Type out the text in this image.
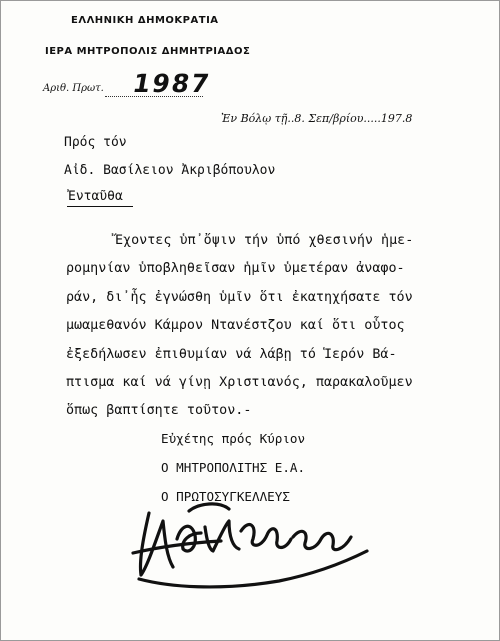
ΕΛΛΗΝΙΚΗ ΔΗΜΟΚΡΑΤΙΑ
ΙΕΡΑ ΜΗΤΡΟΠΟΛΙΣ ΔΗΜΗΤΡΙΑΔΟΣ
Αριθ. Πρωτ. 1987
Ἐν Βόλῳ τῇ..8. Σεπ/βρίου.....197.8
Πρός τόν
Αἰδ. Βασίλειον Ἀκριβόπουλον
Ἐνταῦθα
Ἔχοντες ὑπ᾽ὄψιν τήν ὑπό χθεσινήν ἡμε-
ρομηνίαν ὑποβληθεῖσαν ἡμῖν ὑμετέραν ἀναφο-
ράν, δι᾽ἧς ἐγνώσθη ὑμῖν ὅτι ἐκατηχήσατε τόν
μωαμεθανόν Κάμρον Ντανέστζου καί ὅτι οὗτος
ἐξεδήλωσεν ἐπιθυμίαν νά λάβῃ τό Ἱερόν Βά-
πτισμα καί νά γίνῃ Χριστιανός, παρακαλοῦμεν
ὅπως βαπτίσητε τοῦτον.-
Εὐχέτης πρός Κύριον
Ο ΜΗΤΡΟΠΟΛΙΤΗΣ Ε.Α.
Ο ΠΡΩΤΟΣΥΓΚΕΛΛΕΥΣ
